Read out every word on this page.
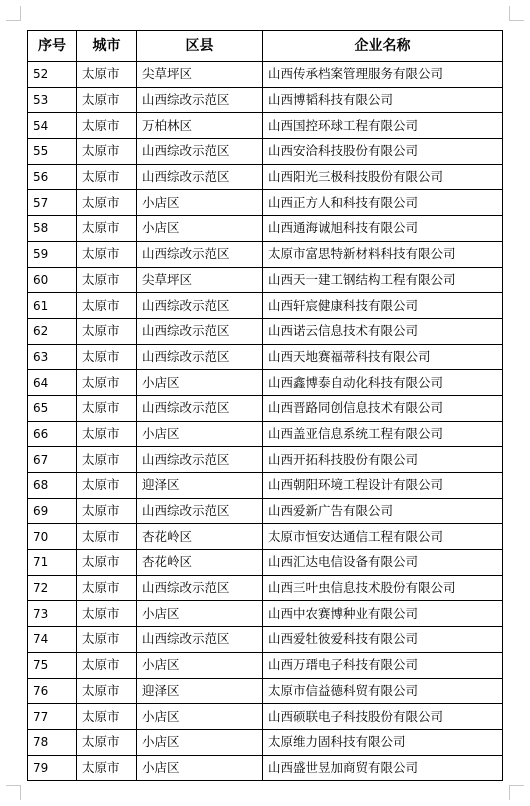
序号	城市	区县	企业名称
52	太原市	尖草坪区	山西传承档案管理服务有限公司
53	太原市	山西综改示范区	山西博韬科技有限公司
54	太原市	万柏林区	山西国控环球工程有限公司
55	太原市	山西综改示范区	山西安洽科技股份有限公司
56	太原市	山西综改示范区	山西阳光三极科技股份有限公司
57	太原市	小店区	山西正方人和科技有限公司
58	太原市	小店区	山西通海诚旭科技有限公司
59	太原市	山西综改示范区	太原市富思特新材料科技有限公司
60	太原市	尖草坪区	山西天一建工钢结构工程有限公司
61	太原市	山西综改示范区	山西轩宸健康科技有限公司
62	太原市	山西综改示范区	山西诺云信息技术有限公司
63	太原市	山西综改示范区	山西天地赛福蒂科技有限公司
64	太原市	小店区	山西鑫博泰自动化科技有限公司
65	太原市	山西综改示范区	山西晋路同创信息技术有限公司
66	太原市	小店区	山西盖亚信息系统工程有限公司
67	太原市	山西综改示范区	山西开拓科技股份有限公司
68	太原市	迎泽区	山西朝阳环境工程设计有限公司
69	太原市	山西综改示范区	山西爱新广告有限公司
70	太原市	杏花岭区	太原市恒安达通信工程有限公司
71	太原市	杏花岭区	山西汇达电信设备有限公司
72	太原市	山西综改示范区	山西三叶虫信息技术股份有限公司
73	太原市	小店区	山西中农赛博种业有限公司
74	太原市	山西综改示范区	山西爱牡彼爱科技有限公司
75	太原市	小店区	山西万瑨电子科技有限公司
76	太原市	迎泽区	太原市信益德科贸有限公司
77	太原市	小店区	山西硕联电子科技股份有限公司
78	太原市	小店区	太原维力固科技有限公司
79	太原市	小店区	山西盛世昱加商贸有限公司
